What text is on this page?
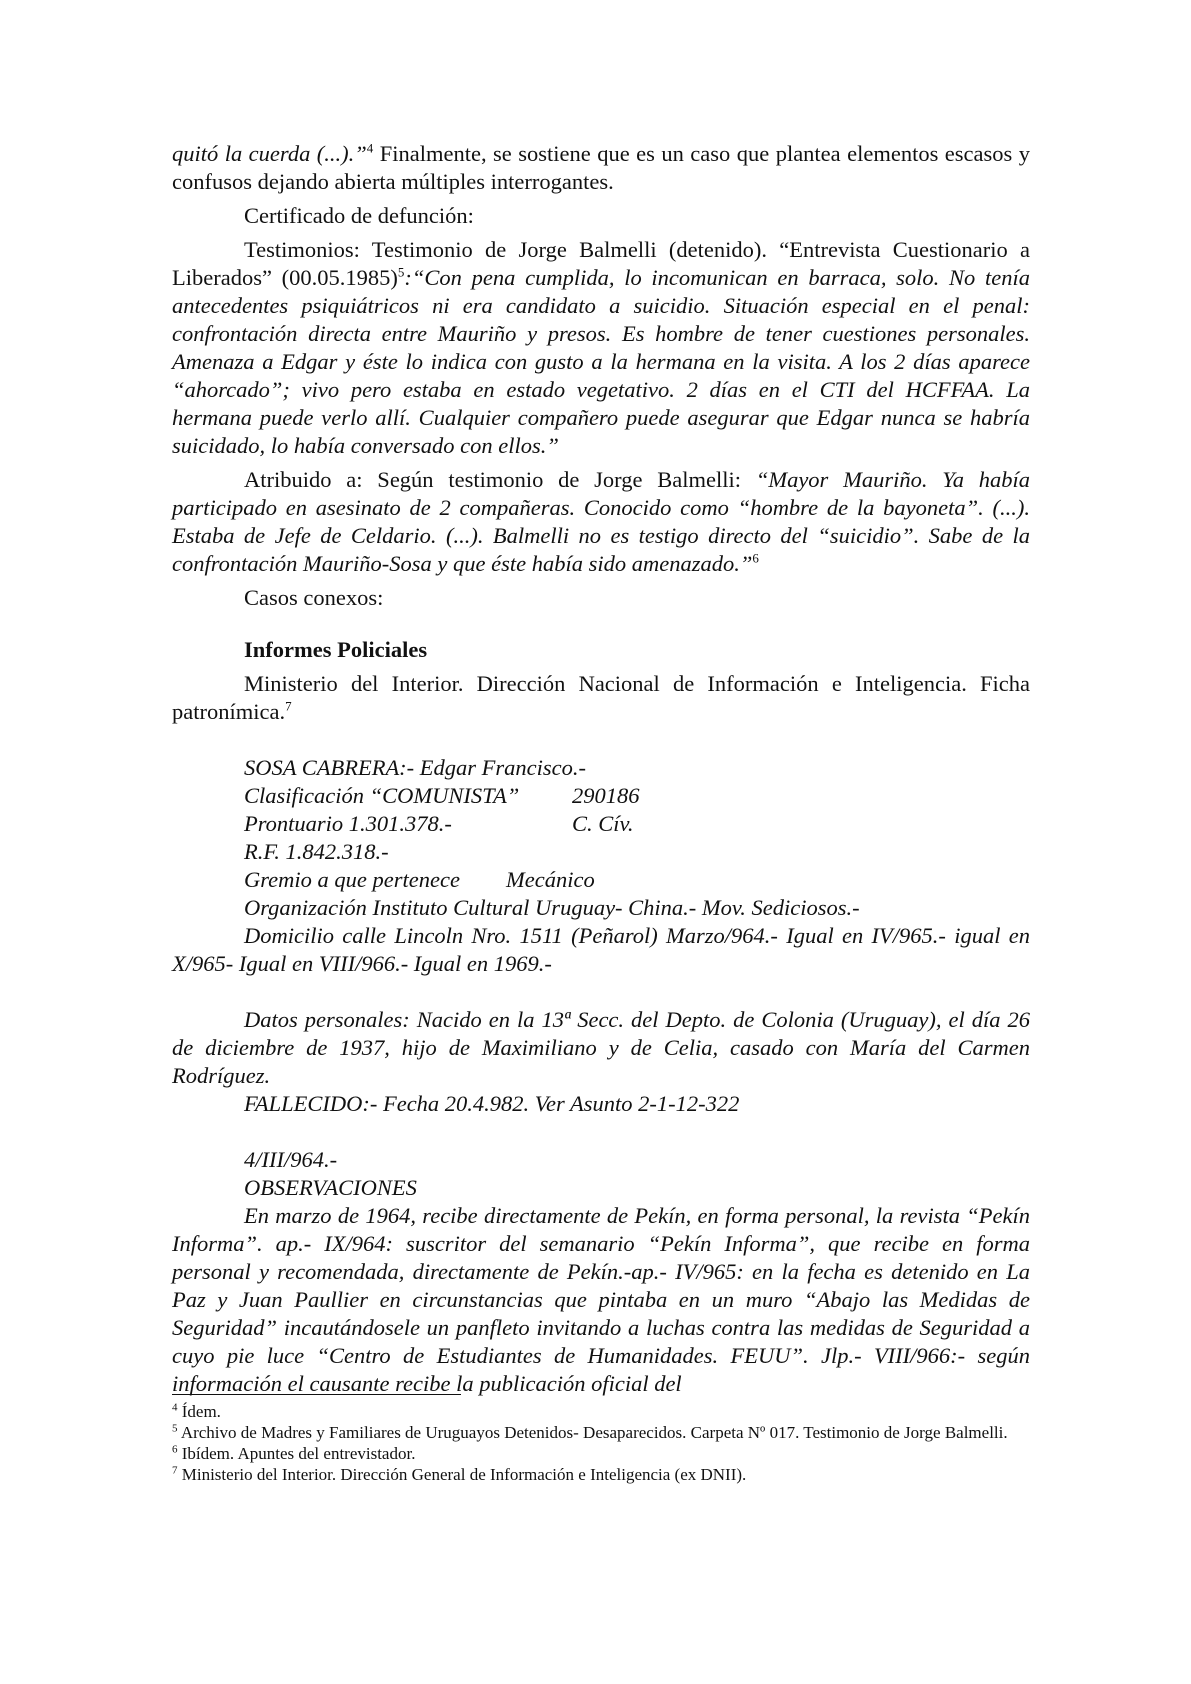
quitó la cuerda (...).”$^4$ Finalmente, se sostiene que es un caso que plantea elementos escasos y confusos dejando abierta múltiples interrogantes.

Certificado de defunción:

Testimonios: Testimonio de Jorge Balmelli (detenido). “Entrevista Cuestionario a Liberados” $(00.05.1985)^5:“Con$ pena cumplida, lo incomunican en barraca, solo. No tenía antecedentes psiquiátricos ni era candidato a suicidio. Situación especial en el penal: confrontación directa entre Mauriño y presos. Es hombre de tener cuestiones personales. Amenaza a Edgar y éste lo indica con gusto a la hermana en la visita. A los 2 días aparece “ahorcado”; vivo pero estaba en estado vegetativo. 2 días en el CTI del HCFFAA. La hermana puede verlo allí. Cualquier compañero puede asegurar que Edgar nunca se habría suicidado, lo había conversado con ellos.”

Atribuido a: Según testimonio de Jorge Balmelli: “Mayor Mauriño. Ya había participado en asesinato de 2 compañeras. Conocido como “hombre de la bayoneta”. (...). Estaba de Jefe de Celdario. (...). Balmelli no es testigo directo del “suicidio”. Sabe de la confrontación Mauriño-Sosa y que éste había sido amenazado.”$^6$

Casos conexos:

Informes Policiales

Ministerio del Interior. Dirección Nacional de Información e Inteligencia. Ficha patronímica.$^7$

SOSA CABRERA:- Edgar Francisco.-
Clasificación “COMUNISTA” 290186
Prontuario 1.301.378.-	C. Cív.
R.F. 1.842.318.-
Gremio a que pertenece Mecánico
Organización Instituto Cultural Uruguay- China.- Mov. Sediciosos.-

Domicilio calle Lincoln Nro. 1511 (Peñarol) Marzo/964.- Igual en IV/965.- igual en X/965- Igual en VIII/966.- Igual en 1969.-

Datos personales: Nacido en la 13ª Secc. del Depto. de Colonia (Uruguay), el día 26 de diciembre de 1937, hijo de Maximiliano y de Celia, casado con María del Carmen Rodríguez.

FALLECIDO:- Fecha 20.4.982. Ver Asunto 2-1-12-322
4/III/964.-
OBSERVACIONES

En marzo de 1964, recibe directamente de Pekín, en forma personal, la revista “Pekín Informa”. ap.- IX/964: suscritor del semanario “Pekín Informa”, que recibe en forma personal y recomendada, directamente de Pekín.-ap.- IV/965: en la fecha es detenido en La Paz y Juan Paullier en circunstancias que pintaba en un muro “Abajo las Medidas de Seguridad” incautándosele un panfleto invitando a luchas contra las medidas de Seguridad a cuyo pie luce “Centro de Estudiantes de Humanidades. FEUU”. Jlp.- VIII/966:- según información el causante recibe la publicación oficial del

$^4$ Ídem.

$^5$ Archivo de Madres y Familiares de Uruguayos Detenidos- Desaparecidos. Carpeta Nº 017. Testimonio de Jorge Balmelli.

$^6$ Ibídem. Apuntes del entrevistador.

$^7$ Ministerio del Interior. Dirección General de Información e Inteligencia (ex DNII).
